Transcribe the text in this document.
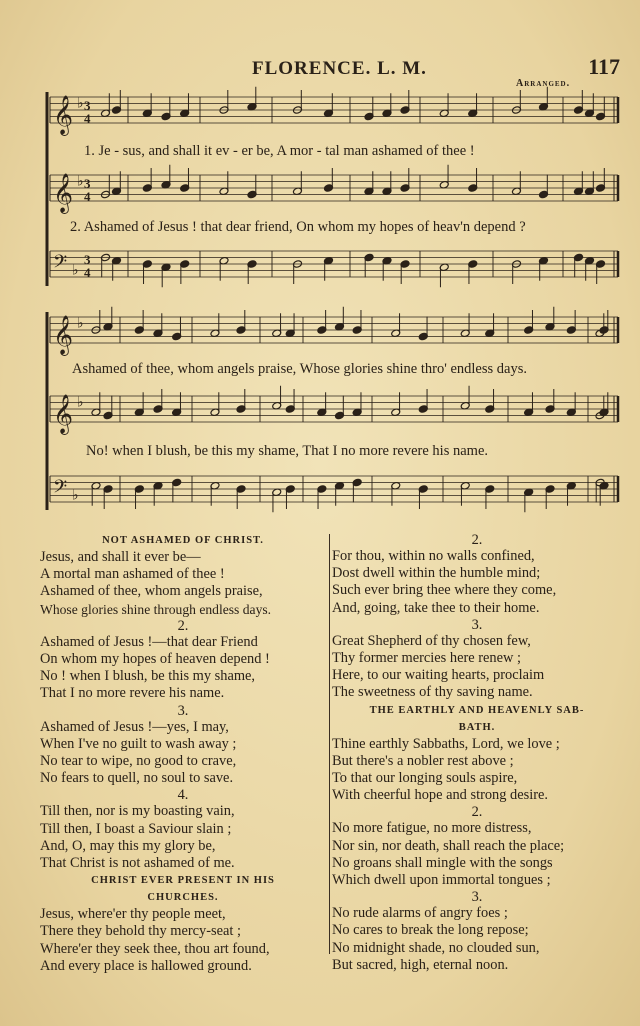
FLORENCE. L. M.	117
Arranged.
𝄞 ♭ 3
4
𝄞 ♭ 3
4
𝄢 ♭
3
4
𝄞 ♭
𝄞 ♭
𝄢 ♭
1. Je - sus, and shall it ev - er be, A mor - tal man ashamed of thee !
2. Ashamed of Jesus ! that dear friend, On whom my hopes of heav'n depend ?
Ashamed of thee, whom angels praise, Whose glories shine thro' endless days.
No! when I blush, be this my shame, That I no more revere his name.
NOT ASHAMED OF CHRIST.
Jesus, and shall it ever be—
A mortal man ashamed of thee !
Ashamed of thee, whom angels praise,
Whose glories shine through endless days.
2.
Ashamed of Jesus !—that dear Friend
On whom my hopes of heaven depend !
No ! when I blush, be this my shame,
That I no more revere his name.
3.
Ashamed of Jesus !—yes, I may,
When I've no guilt to wash away ;
No tear to wipe, no good to crave,
No fears to quell, no soul to save.
4.
Till then, nor is my boasting vain,
Till then, I boast a Saviour slain ;
And, O, may this my glory be,
That Christ is not ashamed of me.
CHRIST EVER PRESENT IN HIS
CHURCHES.
Jesus, where'er thy people meet,
There they behold thy mercy-seat ;
Where'er they seek thee, thou art found,
And every place is hallowed ground.
2.
For thou, within no walls confined,
Dost dwell within the humble mind;
Such ever bring thee where they come,
And, going, take thee to their home.
3.
Great Shepherd of thy chosen few,
Thy former mercies here renew ;
Here, to our waiting hearts, proclaim
The sweetness of thy saving name.
THE EARTHLY AND HEAVENLY SAB-
BATH.
Thine earthly Sabbaths, Lord, we love ;
But there's a nobler rest above ;
To that our longing souls aspire,
With cheerful hope and strong desire.
2.
No more fatigue, no more distress,
Nor sin, nor death, shall reach the place;
No groans shall mingle with the songs
Which dwell upon immortal tongues ;
3.
No rude alarms of angry foes ;
No cares to break the long repose;
No midnight shade, no clouded sun,
But sacred, high, eternal noon.
